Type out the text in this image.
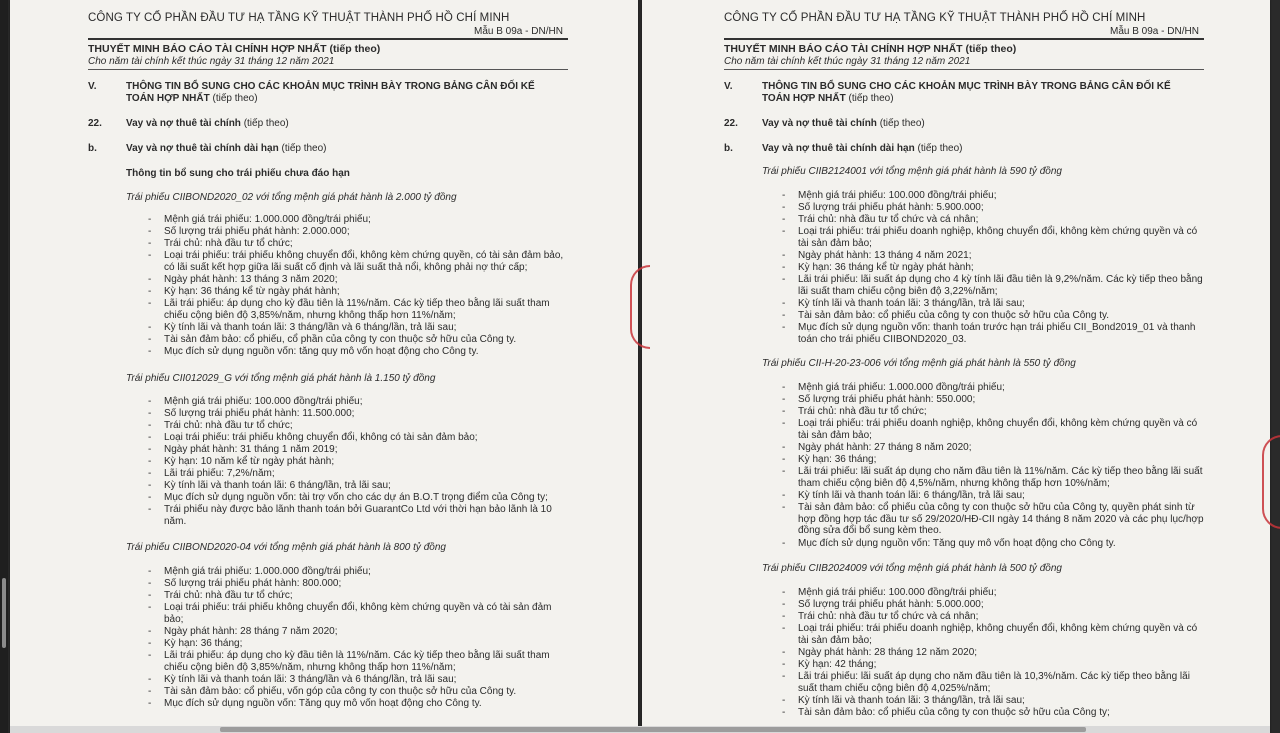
CÔNG TY CỔ PHẦN ĐẦU TƯ HẠ TẦNG KỸ THUẬT THÀNH PHỐ HỒ CHÍ MINH
Mẫu B 09a - DN/HN
THUYẾT MINH BÁO CÁO TÀI CHÍNH HỢP NHẤT (tiếp theo)
Cho năm tài chính kết thúc ngày 31 tháng 12 năm 2021
V.	THÔNG TIN BỔ SUNG CHO CÁC KHOẢN MỤC TRÌNH BÀY TRONG BẢNG CÂN ĐỐI KẾ
TOÁN HỢP NHẤT (tiếp theo)
22. Vay và nợ thuê tài chính (tiếp theo)
b.	Vay và nợ thuê tài chính dài hạn (tiếp theo)
Thông tin bổ sung cho trái phiếu chưa đáo hạn
Trái phiếu CIIBOND2020_02 với tổng mệnh giá phát hành là 2.000 tỷ đồng
- Mệnh giá trái phiếu: 1.000.000 đồng/trái phiếu;
- Số lượng trái phiếu phát hành: 2.000.000;
- Trái chủ: nhà đầu tư tổ chức;
- Loại trái phiếu: trái phiếu không chuyển đổi, không kèm chứng quyền, có tài sản đảm bảo, có lãi suất kết hợp giữa lãi suất cố định và lãi suất thả nổi, không phải nợ thứ cấp;
- Ngày phát hành: 13 tháng 3 năm 2020;
- Kỳ hạn: 36 tháng kể từ ngày phát hành;
- Lãi trái phiếu: áp dụng cho kỳ đầu tiên là 11%/năm. Các kỳ tiếp theo bằng lãi suất tham chiếu cộng biên độ 3,85%/năm, nhưng không thấp hơn 11%/năm;
- Kỳ tính lãi và thanh toán lãi: 3 tháng/lần và 6 tháng/lần, trả lãi sau;
- Tài sản đảm bảo: cổ phiếu, cổ phần của công ty con thuộc sở hữu của Công ty.
- Mục đích sử dụng nguồn vốn: tăng quy mô vốn hoạt động cho Công ty.
Trái phiếu CII012029_G với tổng mệnh giá phát hành là 1.150 tỷ đồng
- Mệnh giá trái phiếu: 100.000 đồng/trái phiếu;
- Số lượng trái phiếu phát hành: 11.500.000;
- Trái chủ: nhà đầu tư tổ chức;
- Loại trái phiếu: trái phiếu không chuyển đổi, không có tài sản đảm bảo;
- Ngày phát hành: 31 tháng 1 năm 2019;
- Kỳ hạn: 10 năm kể từ ngày phát hành;
- Lãi trái phiếu: 7,2%/năm;
- Kỳ tính lãi và thanh toán lãi: 6 tháng/lần, trả lãi sau;
- Mục đích sử dụng nguồn vốn: tài trợ vốn cho các dự án B.O.T trọng điểm của Công ty;
- Trái phiếu này được bảo lãnh thanh toán bởi GuarantCo Ltd với thời hạn bảo lãnh là 10 năm.
Trái phiếu CIIBOND2020-04 với tổng mệnh giá phát hành là 800 tỷ đồng
- Mệnh giá trái phiếu: 1.000.000 đồng/trái phiếu;
- Số lượng trái phiếu phát hành: 800.000;
- Trái chủ: nhà đầu tư tổ chức;
- Loại trái phiếu: trái phiếu không chuyển đổi, không kèm chứng quyền và có tài sản đảm bảo;
- Ngày phát hành: 28 tháng 7 năm 2020;
- Kỳ hạn: 36 tháng;
- Lãi trái phiếu: áp dụng cho kỳ đầu tiên là 11%/năm. Các kỳ tiếp theo bằng lãi suất tham chiếu cộng biên độ 3,85%/năm, nhưng không thấp hơn 11%/năm;
- Kỳ tính lãi và thanh toán lãi: 3 tháng/lần và 6 tháng/lần, trả lãi sau;
- Tài sản đảm bảo: cổ phiếu, vốn góp của công ty con thuộc sở hữu của Công ty.
- Mục đích sử dụng nguồn vốn: Tăng quy mô vốn hoạt động cho Công ty.
CÔNG TY CỔ PHẦN ĐẦU TƯ HẠ TẦNG KỸ THUẬT THÀNH PHỐ HỒ CHÍ MINH
Mẫu B 09a - DN/HN
THUYẾT MINH BÁO CÁO TÀI CHÍNH HỢP NHẤT (tiếp theo)
Cho năm tài chính kết thúc ngày 31 tháng 12 năm 2021
V.	THÔNG TIN BỔ SUNG CHO CÁC KHOẢN MỤC TRÌNH BÀY TRONG BẢNG CÂN ĐỐI KẾ
TOÁN HỢP NHẤT (tiếp theo)
22. Vay và nợ thuê tài chính (tiếp theo)
b.	Vay và nợ thuê tài chính dài hạn (tiếp theo)
Trái phiếu CIIB2124001 với tổng mệnh giá phát hành là 590 tỷ đồng
- Mệnh giá trái phiếu: 100.000 đồng/trái phiếu;
- Số lượng trái phiếu phát hành: 5.900.000;
- Trái chủ: nhà đầu tư tổ chức và cá nhân;
- Loại trái phiếu: trái phiếu doanh nghiệp, không chuyển đổi, không kèm chứng quyền và có tài sản đảm bảo;
- Ngày phát hành: 13 tháng 4 năm 2021;
- Kỳ hạn: 36 tháng kể từ ngày phát hành;
- Lãi trái phiếu: lãi suất áp dụng cho 4 kỳ tính lãi đầu tiên là 9,2%/năm. Các kỳ tiếp theo bằng lãi suất tham chiếu cộng biên độ 3,22%/năm;
- Kỳ tính lãi và thanh toán lãi: 3 tháng/lần, trả lãi sau;
- Tài sản đảm bảo: cổ phiếu của công ty con thuộc sở hữu của Công ty.
- Mục đích sử dụng nguồn vốn: thanh toán trước hạn trái phiếu CII_Bond2019_01 và thanh toán cho trái phiếu CIIBOND2020_03.
Trái phiếu CII-H-20-23-006 với tổng mệnh giá phát hành là 550 tỷ đồng
- Mệnh giá trái phiếu: 1.000.000 đồng/trái phiếu;
- Số lượng trái phiếu phát hành: 550.000;
- Trái chủ: nhà đầu tư tổ chức;
- Loại trái phiếu: trái phiếu doanh nghiệp, không chuyển đổi, không kèm chứng quyền và có tài sản đảm bảo;
- Ngày phát hành: 27 tháng 8 năm 2020;
- Kỳ hạn: 36 tháng;
- Lãi trái phiếu: lãi suất áp dụng cho năm đầu tiên là 11%/năm. Các kỳ tiếp theo bằng lãi suất tham chiếu cộng biên độ 4,5%/năm, nhưng không thấp hơn 10%/năm;
- Kỳ tính lãi và thanh toán lãi: 6 tháng/lần, trả lãi sau;
- Tài sản đảm bảo: cổ phiếu của công ty con thuộc sở hữu của Công ty, quyền phát sinh từ hợp đồng hợp tác đầu tư số 29/2020/HĐ-CII ngày 14 tháng 8 năm 2020 và các phụ lục/hợp đồng sửa đổi bổ sung kèm theo.
- Mục đích sử dụng nguồn vốn: Tăng quy mô vốn hoạt động cho Công ty.
Trái phiếu CIIB2024009 với tổng mệnh giá phát hành là 500 tỷ đồng
- Mệnh giá trái phiếu: 100.000 đồng/trái phiếu;
- Số lượng trái phiếu phát hành: 5.000.000;
- Trái chủ: nhà đầu tư tổ chức và cá nhân;
- Loại trái phiếu: trái phiếu doanh nghiệp, không chuyển đổi, không kèm chứng quyền và có tài sản đảm bảo;
- Ngày phát hành: 28 tháng 12 năm 2020;
- Kỳ hạn: 42 tháng;
- Lãi trái phiếu: lãi suất áp dụng cho năm đầu tiên là 10,3%/năm. Các kỳ tiếp theo bằng lãi suất tham chiếu cộng biên độ 4,025%/năm;
- Kỳ tính lãi và thanh toán lãi: 3 tháng/lần, trả lãi sau;
- Tài sản đảm bảo: cổ phiếu của công ty con thuộc sở hữu của Công ty;
